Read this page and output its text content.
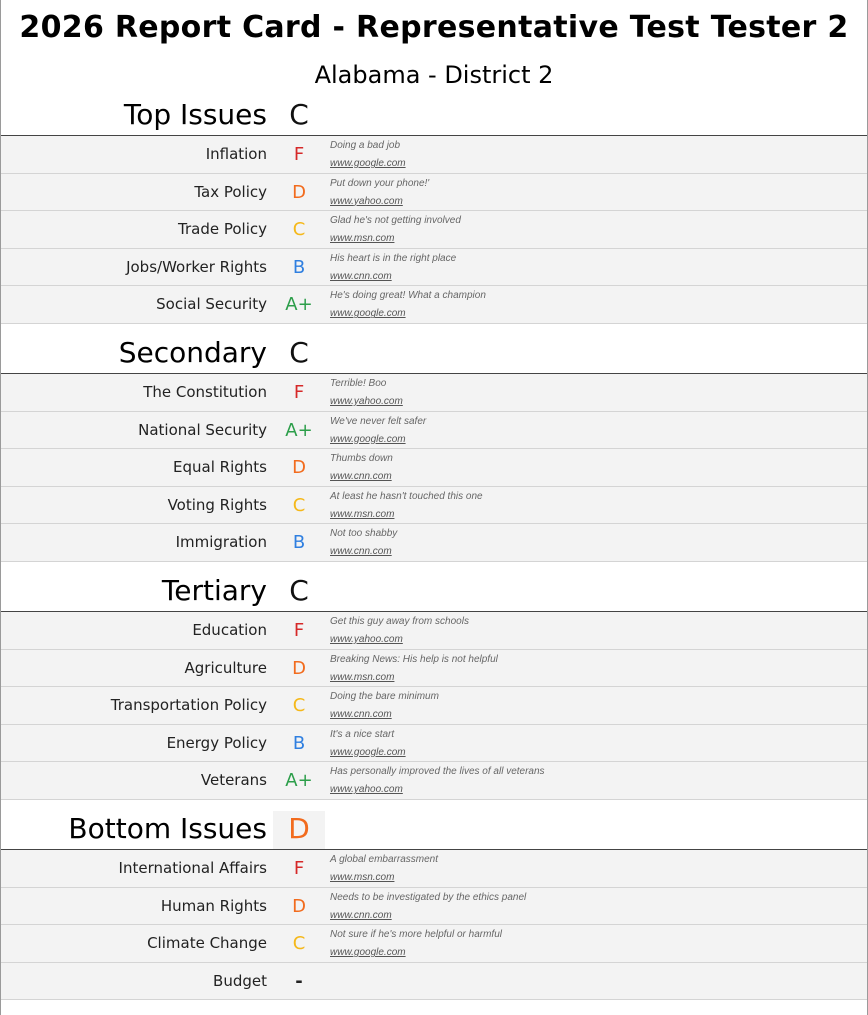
2026 Report Card - Representative Test Tester 2
Alabama - District 2
Top Issues C
Inflation	F	Doing a bad job
www.google.com
Tax Policy	D	Put down your phone!'
www.yahoo.com
Trade Policy	C	Glad he's not getting involved
www.msn.com
Jobs/Worker Rights	B	His heart is in the right place
www.cnn.com
Social Security	A+	He's doing great! What a champion
www.google.com
Secondary C
The Constitution	F	Terrible! Boo
www.yahoo.com
National Security	A+	We've never felt safer
www.google.com
Equal Rights	D	Thumbs down
www.cnn.com
Voting Rights	C	At least he hasn't touched this one
www.msn.com
Immigration	B	Not too shabby
www.cnn.com
Tertiary C
Education	F	Get this guy away from schools
www.yahoo.com
Agriculture	D	Breaking News: His help is not helpful
www.msn.com
Transportation Policy	C	Doing the bare minimum
www.cnn.com
Energy Policy	B	It's a nice start
www.google.com
Veterans	A+	Has personally improved the lives of all veterans
www.yahoo.com
Bottom Issues D
International Affairs	F	A global embarrassment
www.msn.com
Human Rights	D	Needs to be investigated by the ethics panel
www.cnn.com
Climate Change	C	Not sure if he's more helpful or harmful
www.google.com
Budget	-
